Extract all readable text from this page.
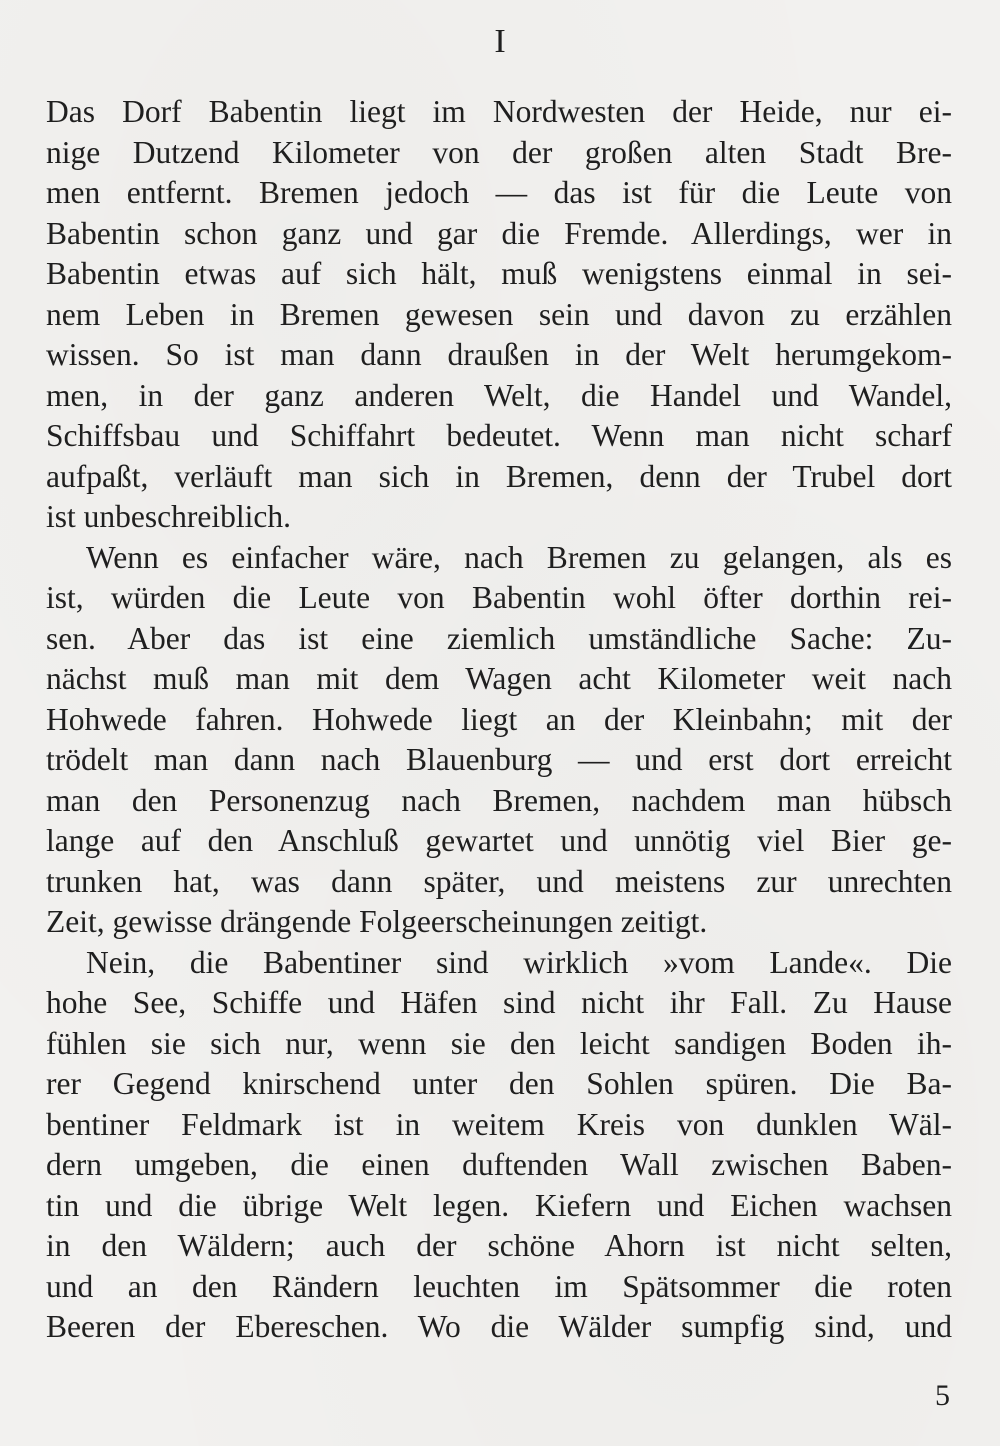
I
Das Dorf Babentin liegt im Nordwesten der Heide, nur ei-
nige Dutzend Kilometer von der großen alten Stadt Bre-
men entfernt. Bremen jedoch — das ist für die Leute von
Babentin schon ganz und gar die Fremde. Allerdings, wer in
Babentin etwas auf sich hält, muß wenigstens einmal in sei-
nem Leben in Bremen gewesen sein und davon zu erzählen
wissen. So ist man dann draußen in der Welt herumgekom-
men, in der ganz anderen Welt, die Handel und Wandel,
Schiffsbau und Schiffahrt bedeutet. Wenn man nicht scharf
aufpaßt, verläuft man sich in Bremen, denn der Trubel dort
ist unbeschreiblich.
Wenn es einfacher wäre, nach Bremen zu gelangen, als es
ist, würden die Leute von Babentin wohl öfter dorthin rei-
sen. Aber das ist eine ziemlich umständliche Sache: Zu-
nächst muß man mit dem Wagen acht Kilometer weit nach
Hohwede fahren. Hohwede liegt an der Kleinbahn; mit der
trödelt man dann nach Blauenburg — und erst dort erreicht
man den Personenzug nach Bremen, nachdem man hübsch
lange auf den Anschluß gewartet und unnötig viel Bier ge-
trunken hat, was dann später, und meistens zur unrechten
Zeit, gewisse drängende Folgeerscheinungen zeitigt.
Nein, die Babentiner sind wirklich »vom Lande«. Die
hohe See, Schiffe und Häfen sind nicht ihr Fall. Zu Hause
fühlen sie sich nur, wenn sie den leicht sandigen Boden ih-
rer Gegend knirschend unter den Sohlen spüren. Die Ba-
bentiner Feldmark ist in weitem Kreis von dunklen Wäl-
dern umgeben, die einen duftenden Wall zwischen Baben-
tin und die übrige Welt legen. Kiefern und Eichen wachsen
in den Wäldern; auch der schöne Ahorn ist nicht selten,
und an den Rändern leuchten im Spätsommer die roten
Beeren der Ebereschen. Wo die Wälder sumpfig sind, und
5
